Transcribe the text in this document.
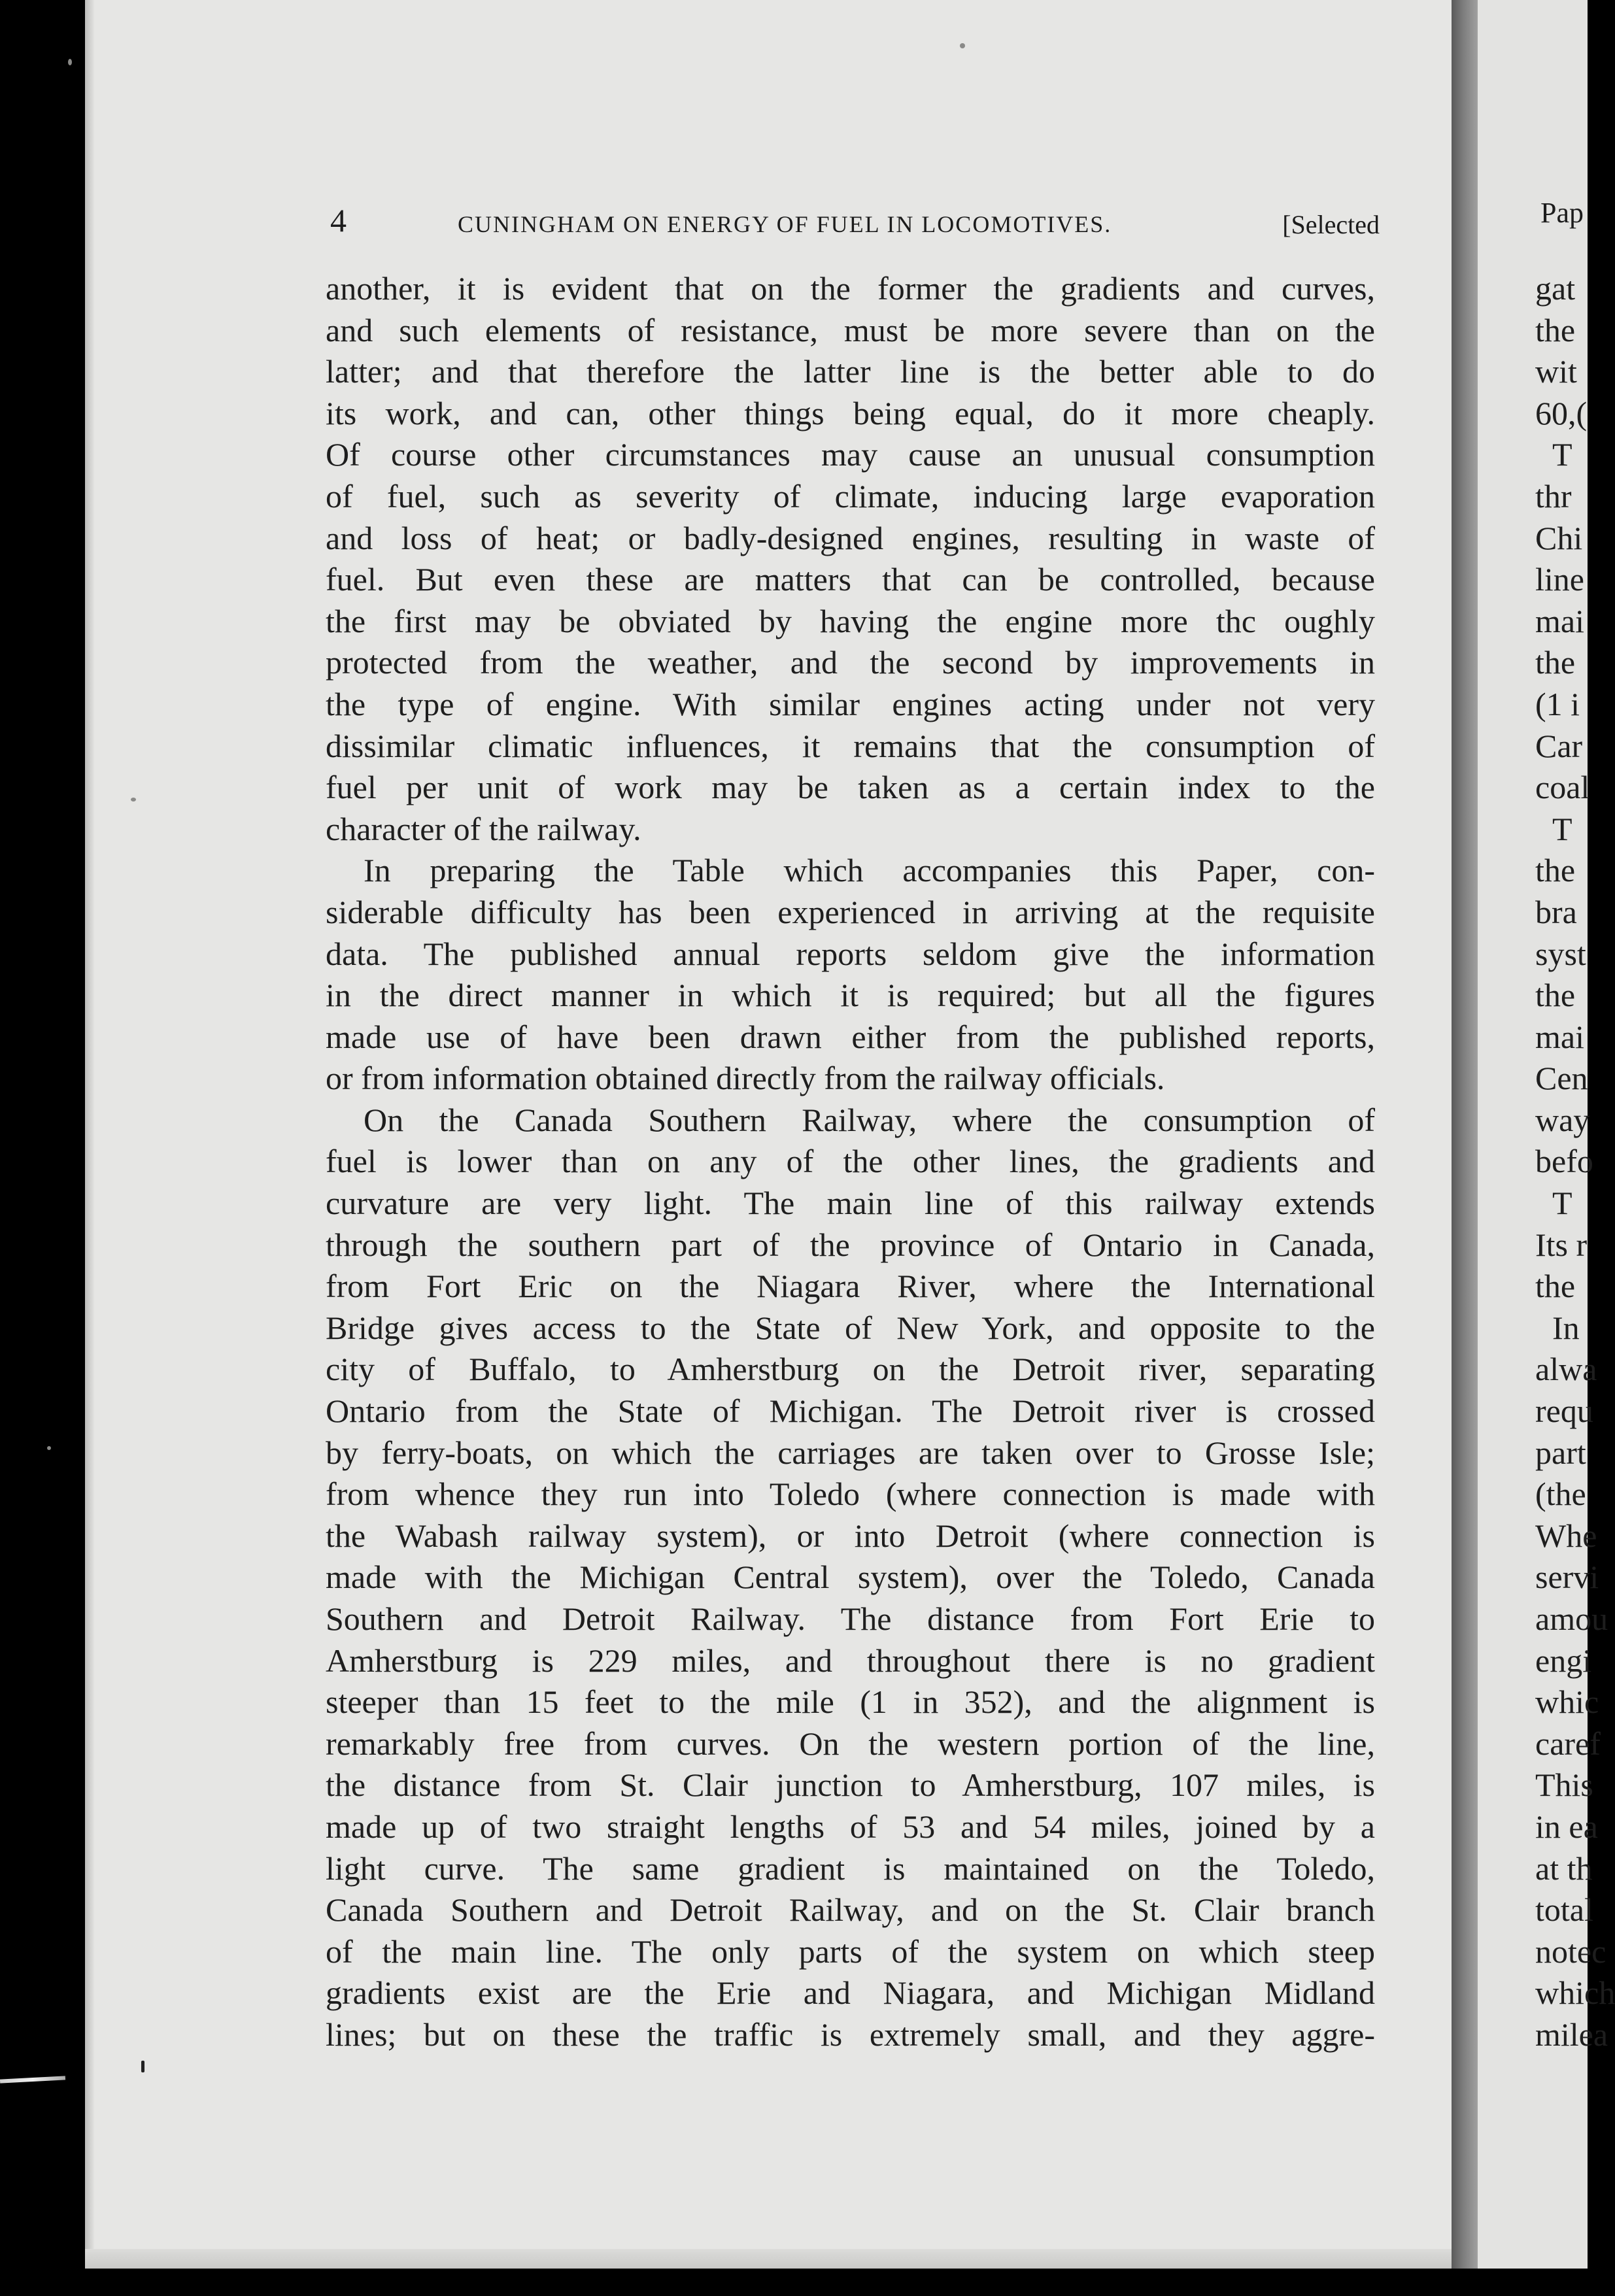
Pap
gat
the
wit
60,(
T
thr
Chi
line
mai
the
(1 i
Car
coal
T
the
bra
syst
the
mai
Cen
way
befo
T
Its r
the
In
alwa
requ
part
(the
Whe
servi
amou
engi
whic
caref
This
in ea
at th
total
notec
which
milea
4	CUNINGHAM ON ENERGY OF FUEL IN LOCOMOTIVES.	[Selected
another, it is evident that on the former the gradients and curves,
and such elements of resistance, must be more severe than on the
latter; and that therefore the latter line is the better able to do
its work, and can, other things being equal, do it more cheaply.
Of course other circumstances may cause an unusual consumption
of fuel, such as severity of climate, inducing large evaporation
and loss of heat; or badly-designed engines, resulting in waste of
fuel. But even these are matters that can be controlled, because
the first may be obviated by having the engine more thc oughly
protected from the weather, and the second by improvements in
the type of engine. With similar engines acting under not very
dissimilar climatic influences, it remains that the consumption of
fuel per unit of work may be taken as a certain index to the
character of the railway.
In preparing the Table which accompanies this Paper, con-
siderable difficulty has been experienced in arriving at the requisite
data. The published annual reports seldom give the information
in the direct manner in which it is required; but all the figures
made use of have been drawn either from the published reports,
or from information obtained directly from the railway officials.
On the Canada Southern Railway, where the consumption of
fuel is lower than on any of the other lines, the gradients and
curvature are very light. The main line of this railway extends
through the southern part of the province of Ontario in Canada,
from Fort Eric on the Niagara River, where the International
Bridge gives access to the State of New York, and opposite to the
city of Buffalo, to Amherstburg on the Detroit river, separating
Ontario from the State of Michigan. The Detroit river is crossed
by ferry-boats, on which the carriages are taken over to Grosse Isle;
from whence they run into Toledo (where connection is made with
the Wabash railway system), or into Detroit (where connection is
made with the Michigan Central system), over the Toledo, Canada
Southern and Detroit Railway. The distance from Fort Erie to
Amherstburg is 229 miles, and throughout there is no gradient
steeper than 15 feet to the mile (1 in 352), and the alignment is
remarkably free from curves. On the western portion of the line,
the distance from St. Clair junction to Amherstburg, 107 miles, is
made up of two straight lengths of 53 and 54 miles, joined by a
light curve. The same gradient is maintained on the Toledo,
Canada Southern and Detroit Railway, and on the St. Clair branch
of the main line. The only parts of the system on which steep
gradients exist are the Erie and Niagara, and Michigan Midland
lines; but on these the traffic is extremely small, and they aggre-
